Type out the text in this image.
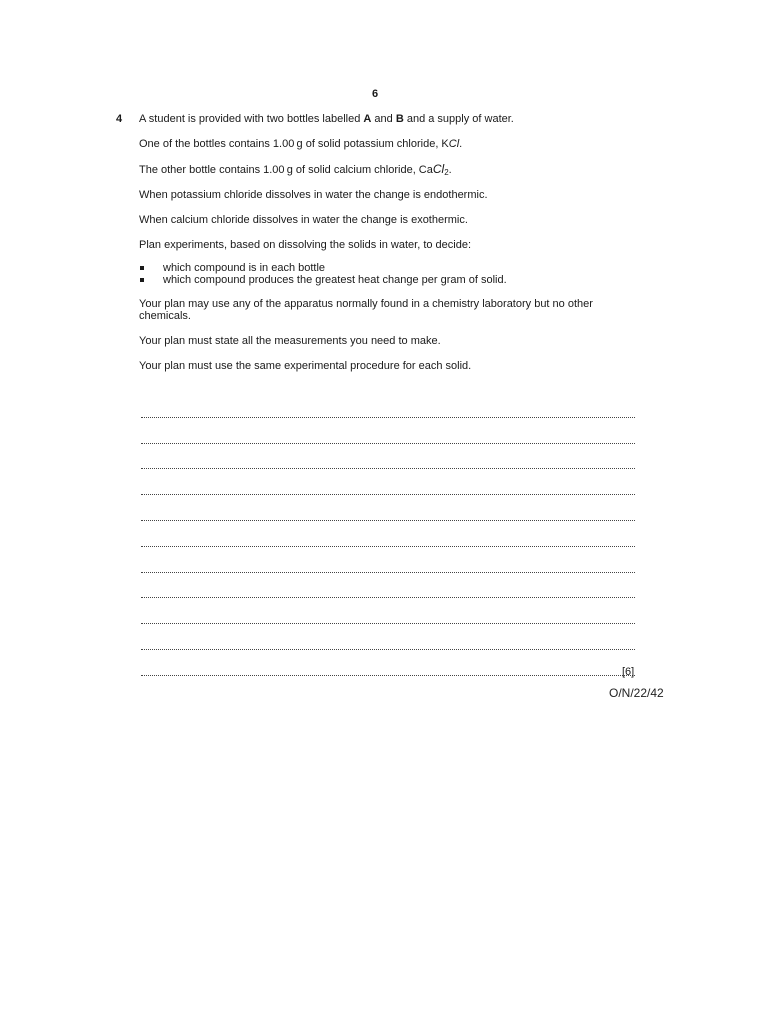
6
4 A student is provided with two bottles labelled A and B and a supply of water.

One of the bottles contains 1.00 g of solid potassium chloride, KCl.

The other bottle contains 1.00 g of solid calcium chloride, CaCl$_2$.

When potassium chloride dissolves in water the change is endothermic.

When calcium chloride dissolves in water the change is exothermic.

Plan experiments, based on dissolving the solids in water, to decide:

which compound is in each bottle
which compound produces the greatest heat change per gram of solid.

Your plan may use any of the apparatus normally found in a chemistry laboratory but no other chemicals.

Your plan must state all the measurements you need to make.

Your plan must use the same experimental procedure for each solid.

[6]
O/N/22/42
